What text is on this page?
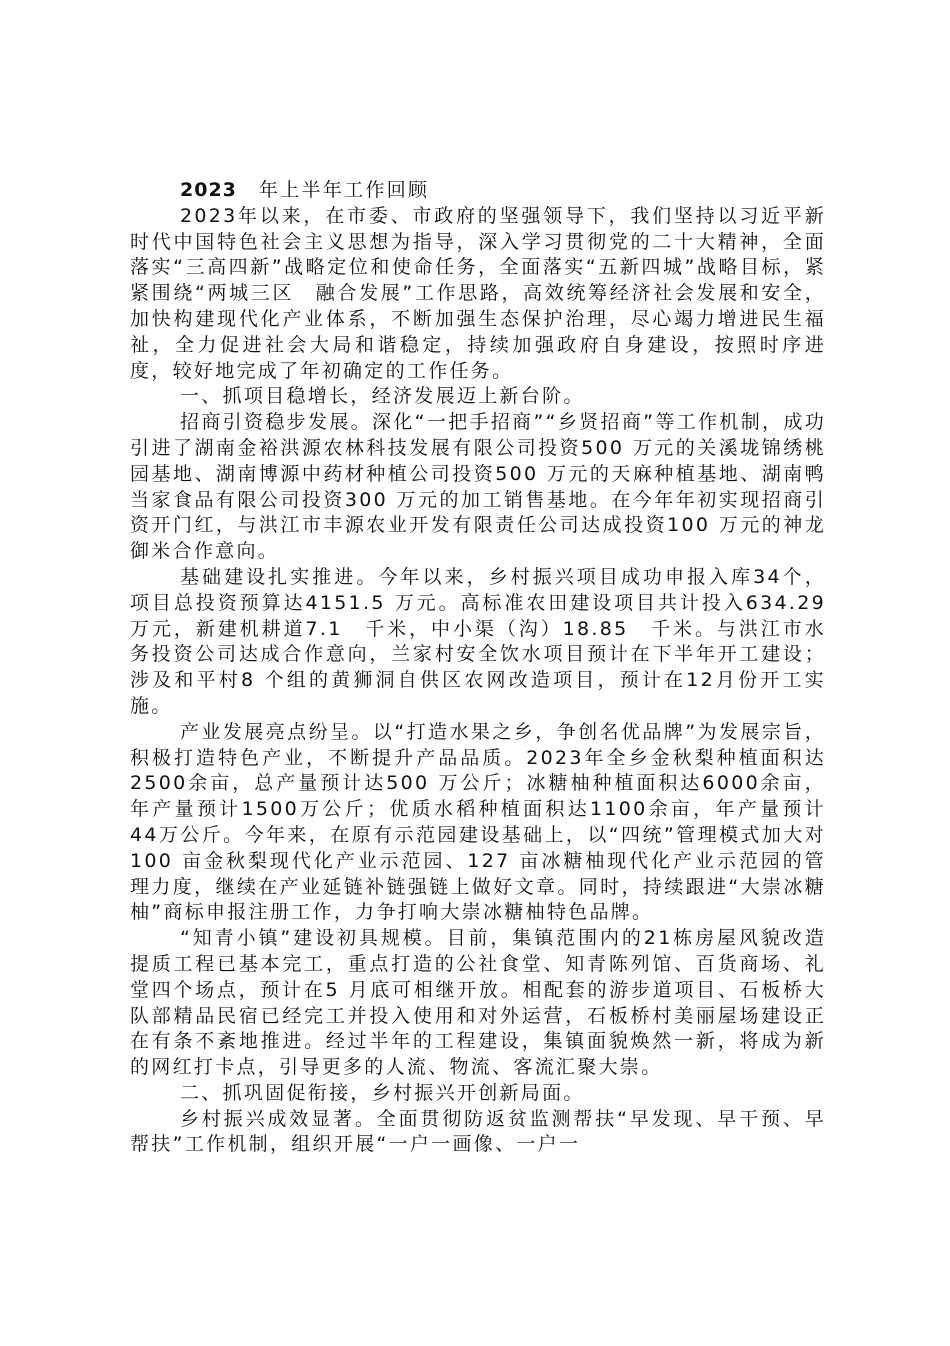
2023 年上半年工作回顾

2023年以来，在市委、市政府的坚强领导下，我们坚持以习近平新时代中国特色社会主义思想为指导，深入学习贯彻党的二十大精神，全面落实“三高四新”战略定位和使命任务，全面落实“五新四城”战略目标，紧紧围绕“两城三区　融合发展”工作思路，高效统筹经济社会发展和安全，加快构建现代化产业体系，不断加强生态保护治理，尽心竭力增进民生福祉，全力促进社会大局和谐稳定，持续加强政府自身建设，按照时序进度，较好地完成了年初确定的工作任务。

一、抓项目稳增长，经济发展迈上新台阶。

招商引资稳步发展。深化“一把手招商”“乡贤招商”等工作机制，成功引进了湖南金裕洪源农林科技发展有限公司投资500 万元的关溪垅锦绣桃园基地、湖南博源中药材种植公司投资500 万元的天麻种植基地、湖南鸭当家食品有限公司投资300 万元的加工销售基地。在今年年初实现招商引资开门红，与洪江市丰源农业开发有限责任公司达成投资100 万元的神龙御米合作意向。

基础建设扎实推进。今年以来，乡村振兴项目成功申报入库34个，项目总投资预算达4151.5 万元。高标准农田建设项目共计投入634.29 万元，新建机耕道7.1　千米，中小渠（沟）18.85　千米。与洪江市水务投资公司达成合作意向，兰家村安全饮水项目预计在下半年开工建设；涉及和平村8 个组的黄狮洞自供区农网改造项目，预计在12月份开工实施。

产业发展亮点纷呈。以“打造水果之乡，争创名优品牌”为发展宗旨，积极打造特色产业，不断提升产品品质。2023年全乡金秋梨种植面积达2500余亩，总产量预计达500 万公斤；冰糖柚种植面积达6000余亩，年产量预计1500万公斤；优质水稻种植面积达1100余亩，年产量预计44万公斤。今年来，在原有示范园建设基础上，以“四统”管理模式加大对100 亩金秋梨现代化产业示范园、127 亩冰糖柚现代化产业示范园的管理力度，继续在产业延链补链强链上做好文章。同时，持续跟进“大崇冰糖柚”商标申报注册工作，力争打响大崇冰糖柚特色品牌。

“知青小镇”建设初具规模。目前，集镇范围内的21栋房屋风貌改造提质工程已基本完工，重点打造的公社食堂、知青陈列馆、百货商场、礼堂四个场点，预计在5 月底可相继开放。相配套的游步道项目、石板桥大队部精品民宿已经完工并投入使用和对外运营，石板桥村美丽屋场建设正在有条不紊地推进。经过半年的工程建设，集镇面貌焕然一新，将成为新的网红打卡点，引导更多的人流、物流、客流汇聚大崇。

二、抓巩固促衔接，乡村振兴开创新局面。

乡村振兴成效显著。全面贯彻防返贫监测帮扶“早发现、早干预、早帮扶”工作机制，组织开展“一户一画像、一户一
